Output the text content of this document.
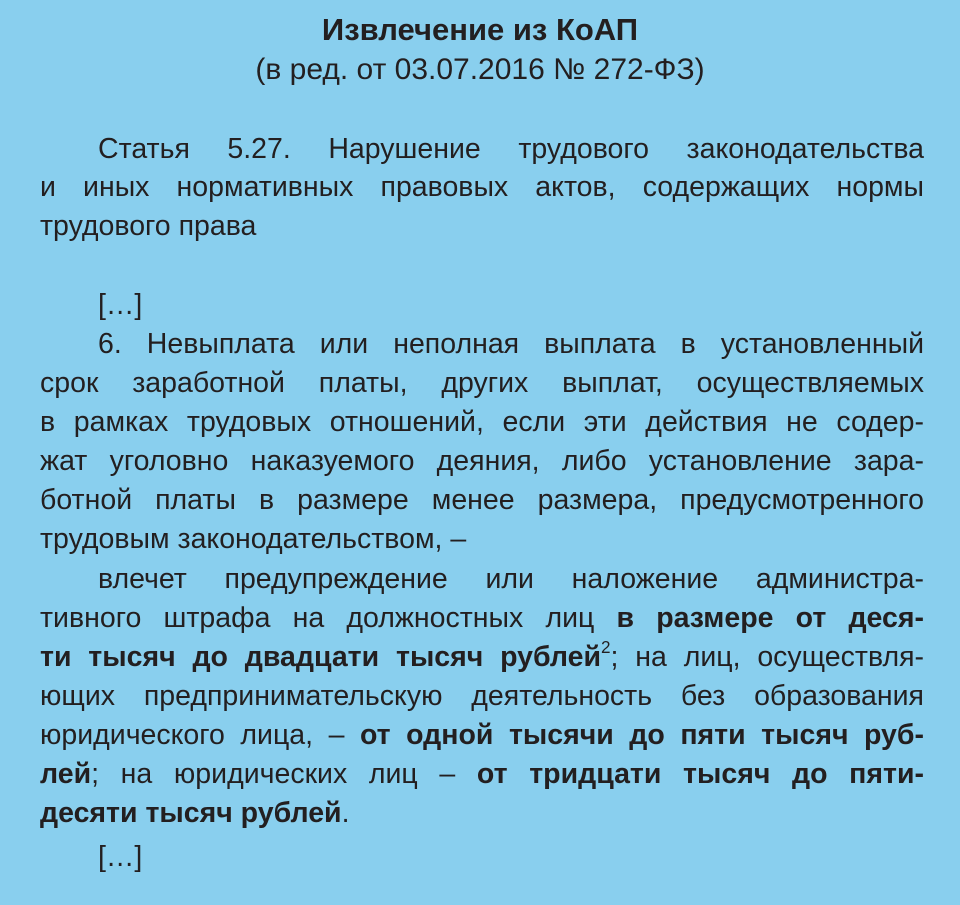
Извлечение из КоАП
(в ред. от 03.07.2016 № 272-ФЗ)
Статья 5.27. Нарушение трудового законодательства
и иных нормативных правовых актов, содержащих нормы
трудового права
[…]
6. Невыплата или неполная выплата в установленный
срок заработной платы, других выплат, осуществляемых
в рамках трудовых отношений, если эти действия не содер-
жат уголовно наказуемого деяния, либо установление зара-
ботной платы в размере менее размера, предусмотренного
трудовым законодательством, –
влечет предупреждение или наложение администра-
тивного штрафа на должностных лиц в размере от деся-
ти тысяч до двадцати тысяч рублей$^2$; на лиц, осуществля-
ющих предпринимательскую деятельность без образования
юридического лица, – от одной тысячи до пяти тысяч руб-
лей; на юридических лиц – от тридцати тысяч до пяти-
десяти тысяч рублей.
[…]
